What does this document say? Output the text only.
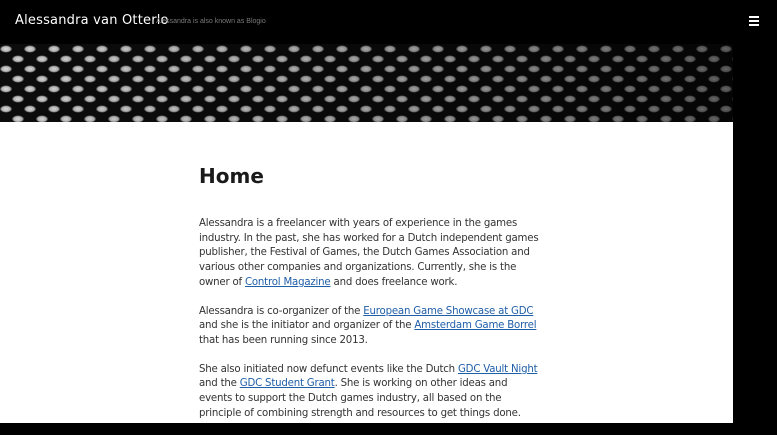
Alessandra van Otterlo
Alessandra is also known as Blogio
Home

Alessandra is a freelancer with years of experience in the games industry. In the past, she has worked for a Dutch independent games publisher, the Festival of Games, the Dutch Games Association and various other companies and organizations. Currently, she is the owner of Control Magazine and does freelance work.

Alessandra is co-organizer of the European Game Showcase at GDC and she is the initiator and organizer of the Amsterdam Game Borrel that has been running since 2013.

She also initiated now defunct events like the Dutch GDC Vault Night and the GDC Student Grant. She is working on other ideas and events to support the Dutch games industry, all based on the principle of combining strength and resources to get things done.
